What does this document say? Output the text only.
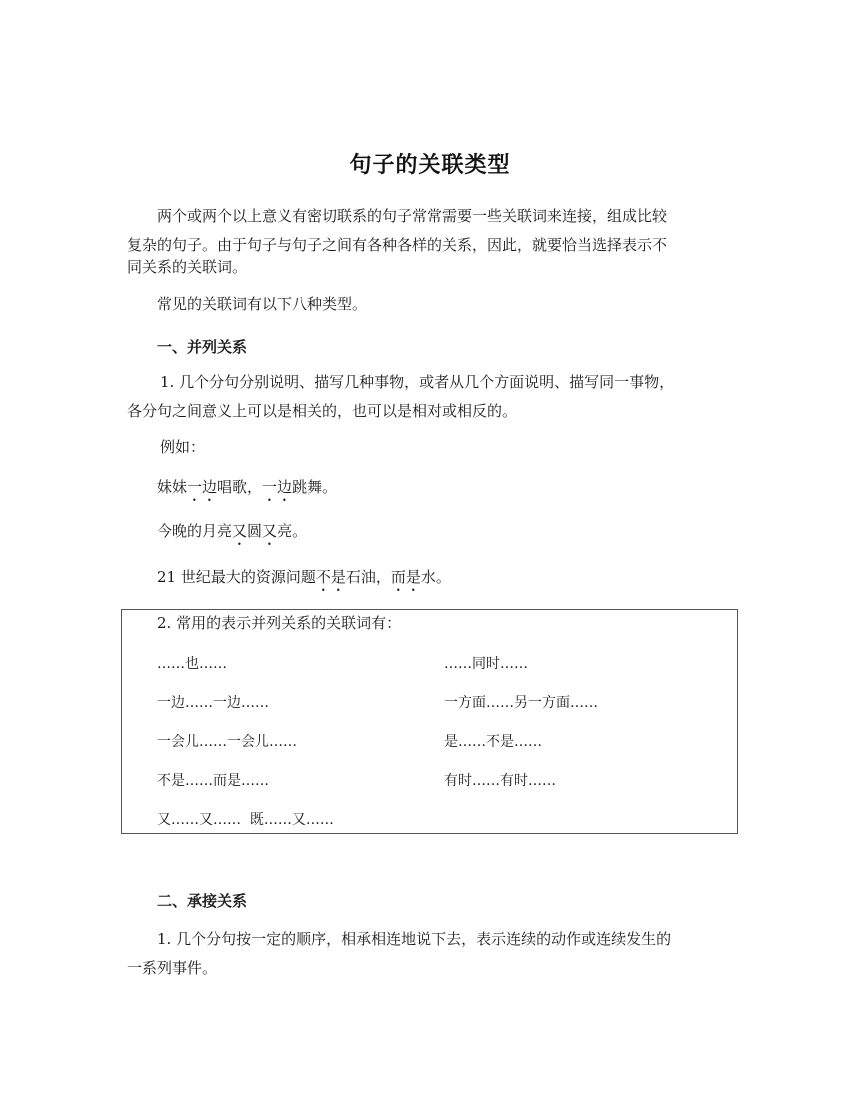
句子的关联类型
两个或两个以上意义有密切联系的句子常常需要一些关联词来连接，组成比较
复杂的句子。由于句子与句子之间有各种各样的关系，因此，就要恰当选择表示不
同关系的关联词。
常见的关联词有以下八种类型。
一、并列关系
1. 几个分句分别说明、描写几种事物，或者从几个方面说明、描写同一事物，
各分句之间意义上可以是相关的，也可以是相对或相反的。
例如：
妹妹一边唱歌，一边跳舞。
今晚的月亮又圆又亮。
21 世纪最大的资源问题不是石油，而是水。
2. 常用的表示并列关系的关联词有：
……也……	……同时……
一边……一边……	一方面……另一方面……
一会儿……一会儿……	是……不是……
不是……而是……	有时……有时……
又……又……  既……又……
二、承接关系
1. 几个分句按一定的顺序，相承相连地说下去，表示连续的动作或连续发生的
一系列事件。
